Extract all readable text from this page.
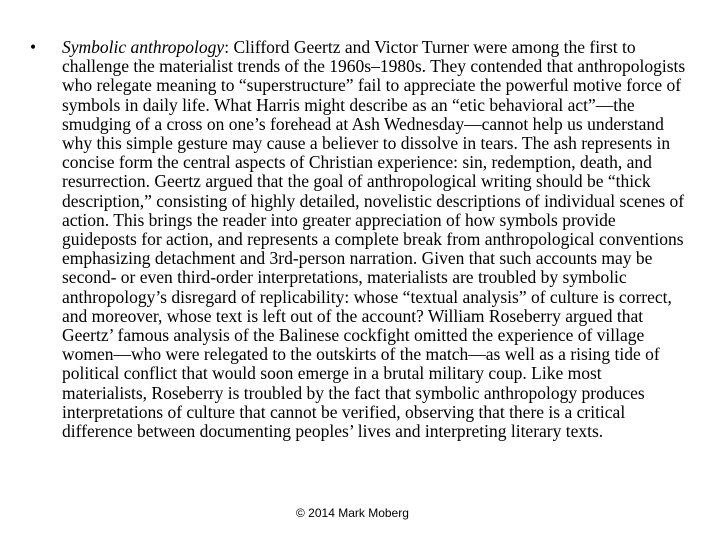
•	Symbolic anthropology: Clifford Geertz and Victor Turner were among the first to challenge the materialist trends of the 1960s–1980s. They contended that anthropologists who relegate meaning to “superstructure” fail to appreciate the powerful motive force of symbols in daily life. What Harris might describe as an “etic behavioral act”—the smudging of a cross on one’s forehead at Ash Wednesday—cannot help us understand why this simple gesture may cause a believer to dissolve in tears. The ash represents in concise form the central aspects of Christian experience: sin, redemption, death, and resurrection. Geertz argued that the goal of anthropological writing should be “thick description,” consisting of highly detailed, novelistic descriptions of individual scenes of action. This brings the reader into greater appreciation of how symbols provide guideposts for action, and represents a complete break from anthropological conventions emphasizing detachment and 3rd-person narration. Given that such accounts may be second- or even third-order interpretations, materialists are troubled by symbolic anthropology’s disregard of replicability: whose “textual analysis” of culture is correct, and moreover, whose text is left out of the account? William Roseberry argued that Geertz’ famous analysis of the Balinese cockfight omitted the experience of village women—who were relegated to the outskirts of the match—as well as a rising tide of political conflict that would soon emerge in a brutal military coup. Like most materialists, Roseberry is troubled by the fact that symbolic anthropology produces interpretations of culture that cannot be verified, observing that there is a critical difference between documenting peoples’ lives and interpreting literary texts.

© 2014 Mark Moberg
